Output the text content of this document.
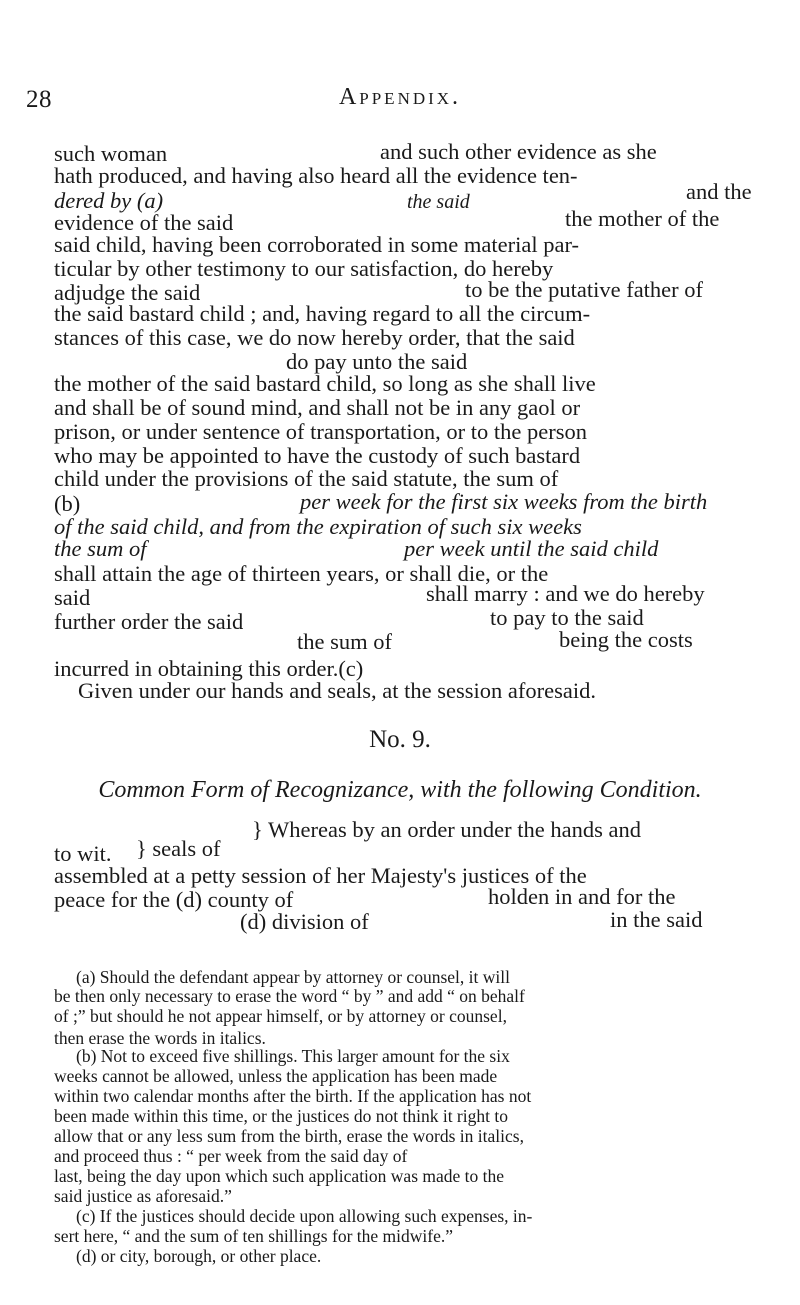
28	Appendix.
such woman	and such other evidence as she
hath produced, and having also heard all the evidence ten-
dered by (a)	the said	and the
evidence of the said	the mother of the
said child, having been corroborated in some material par-
ticular by other testimony to our satisfaction, do hereby
adjudge the said	to be the putative father of
the said bastard child ; and, having regard to all the circum-
stances of this case, we do now hereby order, that the said
do pay unto the said
the mother of the said bastard child, so long as she shall live
and shall be of sound mind, and shall not be in any gaol or
prison, or under sentence of transportation, or to the person
who may be appointed to have the custody of such bastard
child under the provisions of the said statute, the sum of
(b)	per week for the first six weeks from the birth
of the said child, and from the expiration of such six weeks
the sum of	per week until the said child
shall attain the age of thirteen years, or shall die, or the
said	shall marry : and we do hereby
further order the said	to pay to the said
the sum of	being the costs
incurred in obtaining this order.(c)
Given under our hands and seals, at the session aforesaid.
No. 9.
Common Form of Recognizance, with the following Condition.
} Whereas by an order under the hands and
to wit. } seals of
assembled at a petty session of her Majesty's justices of the
peace for the (d) county of	holden in and for the
(d) division of	in the said
(a) Should the defendant appear by attorney or counsel, it will
be then only necessary to erase the word “ by ” and add “ on behalf
of ;” but should he not appear himself, or by attorney or counsel,
then erase the words in italics.
(b) Not to exceed five shillings. This larger amount for the six
weeks cannot be allowed, unless the application has been made
within two calendar months after the birth. If the application has not
been made within this time, or the justices do not think it right to
allow that or any less sum from the birth, erase the words in italics,
and proceed thus : “ per week from the said day of
last, being the day upon which such application was made to the
said justice as aforesaid.”
(c) If the justices should decide upon allowing such expenses, in-
sert here, “ and the sum of ten shillings for the midwife.”
(d) or city, borough, or other place.
